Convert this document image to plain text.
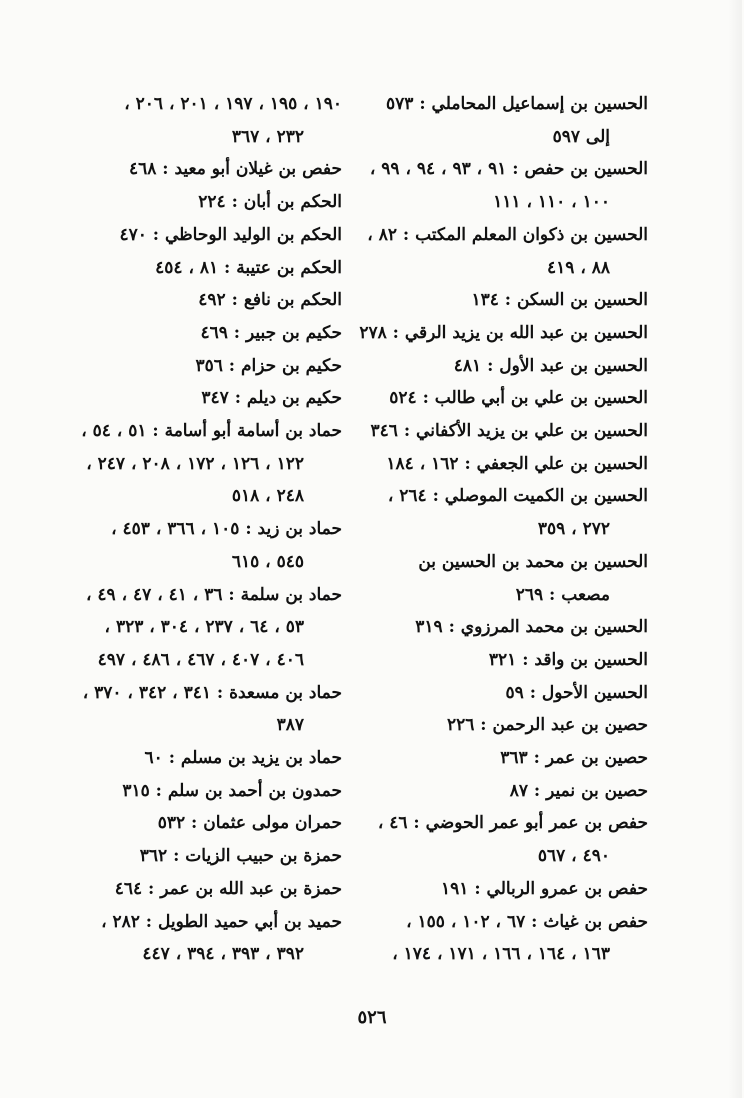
الحسين بن إسماعيل المحاملي : ٥٧٣

إلى ٥٩٧

الحسين بن حفص : ٩١ ، ٩٣ ، ٩٤ ، ٩٩ ،

١٠٠ ، ١١٠ ، ١١١

الحسين بن ذكوان المعلم المكتب : ٨٢ ،

٨٨ ، ٤١٩

الحسين بن السكن : ١٣٤

الحسين بن عبد الله بن يزيد الرقي : ٢٧٨

الحسين بن عبد الأول : ٤٨١

الحسين بن علي بن أبي طالب : ٥٢٤

الحسين بن علي بن يزيد الأكفاني : ٣٤٦

الحسين بن علي الجعفي : ١٦٢ ، ١٨٤

الحسين بن الكميت الموصلي : ٢٦٤ ،

٢٧٢ ، ٣٥٩

الحسين بن محمد بن الحسين بن

مصعب : ٢٦٩

الحسين بن محمد المرزوي : ٣١٩

الحسين بن واقد : ٣٢١

الحسين الأحول : ٥٩

حصين بن عبد الرحمن : ٢٢٦

حصين بن عمر : ٣٦٣

حصين بن نمير : ٨٧

حفص بن عمر أبو عمر الحوضي : ٤٦ ،

٤٩٠ ، ٥٦٧

حفص بن عمرو الربالي : ١٩١

حفص بن غياث : ٦٧ ، ١٠٢ ، ١٥٥ ،

١٦٣ ، ١٦٤ ، ١٦٦ ، ١٧١ ، ١٧٤ ،

١٩٠ ، ١٩٥ ، ١٩٧ ، ٢٠١ ، ٢٠٦ ،

٢٣٢ ، ٣٦٧

حفص بن غيلان أبو معيد : ٤٦٨

الحكم بن أبان : ٢٢٤

الحكم بن الوليد الوحاظي : ٤٧٠

الحكم بن عتيبة : ٨١ ، ٤٥٤

الحكم بن نافع : ٤٩٢

حكيم بن جبير : ٤٦٩

حكيم بن حزام : ٣٥٦

حكيم بن ديلم : ٣٤٧

حماد بن أسامة أبو أسامة : ٥١ ، ٥٤ ،

١٢٢ ، ١٢٦ ، ١٧٢ ، ٢٠٨ ، ٢٤٧ ،

٢٤٨ ، ٥١٨

حماد بن زيد : ١٠٥ ، ٣٦٦ ، ٤٥٣ ،

٥٤٥ ، ٦١٥

حماد بن سلمة : ٣٦ ، ٤١ ، ٤٧ ، ٤٩ ،

٥٣ ، ٦٤ ، ٢٣٧ ، ٣٠٤ ، ٣٢٣ ،

٤٠٦ ، ٤٠٧ ، ٤٦٧ ، ٤٨٦ ، ٤٩٧

حماد بن مسعدة : ٣٤١ ، ٣٤٢ ، ٣٧٠ ،

٣٨٧

حماد بن يزيد بن مسلم : ٦٠

حمدون بن أحمد بن سلم : ٣١٥

حمران مولى عثمان : ٥٣٢

حمزة بن حبيب الزيات : ٣٦٢

حمزة بن عبد الله بن عمر : ٤٦٤

حميد بن أبي حميد الطويل : ٢٨٢ ،

٣٩٢ ، ٣٩٣ ، ٣٩٤ ، ٤٤٧

٥٢٦
